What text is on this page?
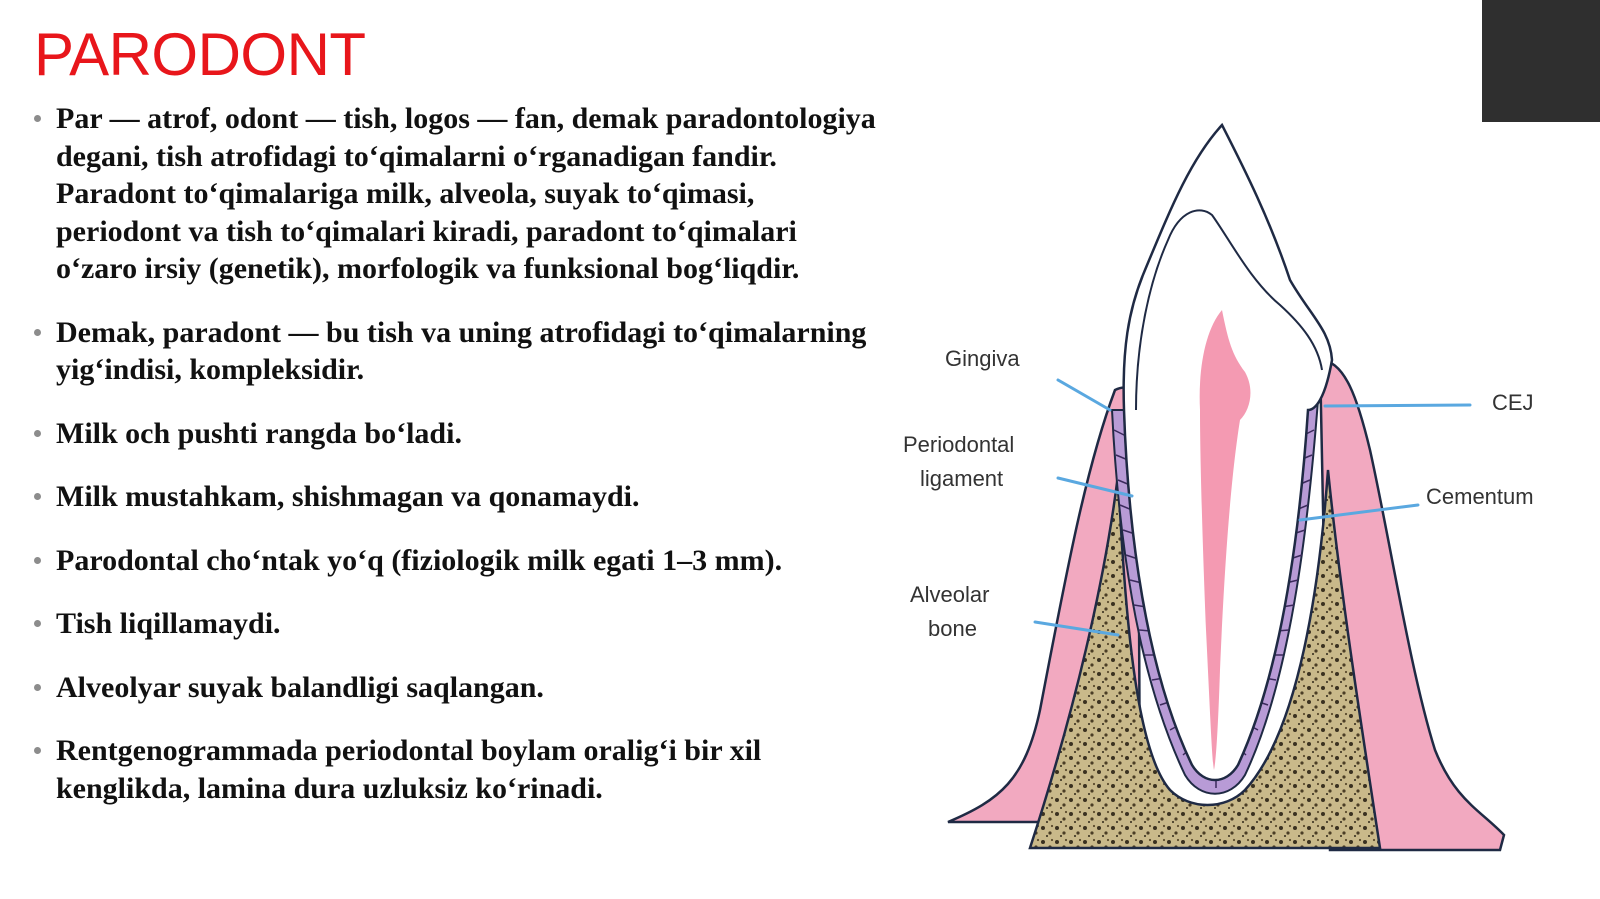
PARODONT
Par — atrof, odont — tish, logos — fan, demak paradontologiya degani, tish atrofidagi to‘qimalarni o‘rganadigan fandir. Paradont to‘qimalariga milk, alveola, suyak to‘qimasi, periodont va tish to‘qimalari kiradi, paradont to‘qimalari o‘zaro irsiy (genetik), morfologik va funksional bog‘liqdir.
Demak, paradont — bu tish va uning atrofidagi to‘qimalarning yig‘indisi, kompleksidir.
Milk och pushti rangda bo‘ladi.
Milk mustahkam, shishmagan va qonamaydi.
Parodontal cho‘ntak yo‘q (fiziologik milk egati 1–3 mm).
Tish liqillamaydi.
Alveolyar suyak balandligi saqlangan.
Rentgenogrammada periodontal boylam oralig‘i bir xil kenglikda, lamina dura uzluksiz ko‘rinadi.
Gingiva
Periodontal
ligament
Alveolar
bone
CEJ
Cementum
